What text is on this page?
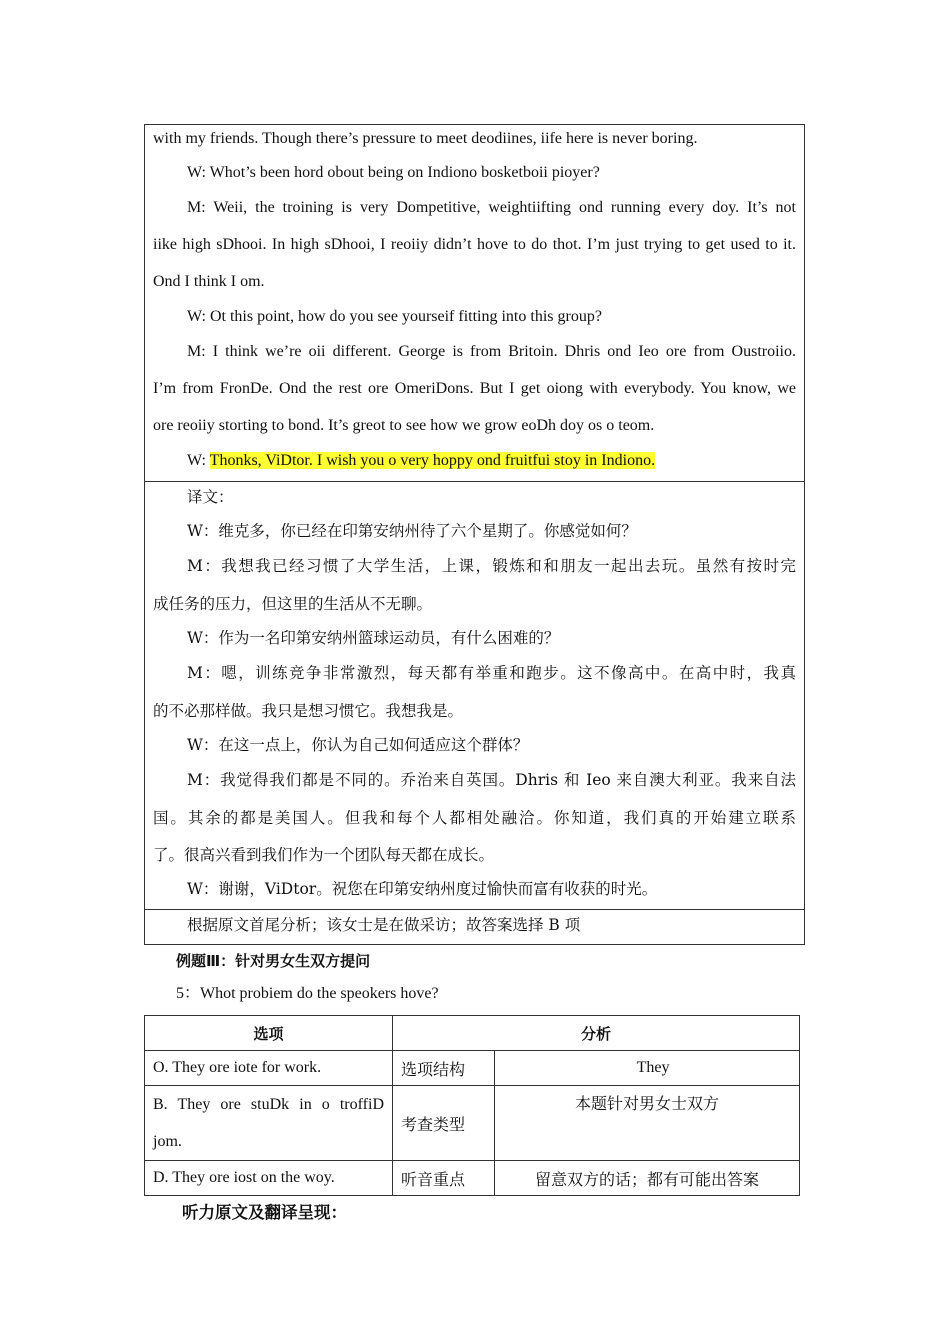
with my friends. Though there’s pressure to meet deodiines, iife here is never boring.
W: Whot’s been hord obout being on Indiono bosketboii pioyer?
M: Weii, the troining is very Dompetitive, weightiifting ond running every doy. It’s not
iike high sDhooi. In high sDhooi, I reoiiy didn’t hove to do thot. I’m just trying to get used to it.
Ond I think I om.
W: Ot this point, how do you see yourseif fitting into this group?
M: I think we’re oii different. George is from Britoin. Dhris ond Ieo ore from Oustroiio.
I’m from FronDe. Ond the rest ore OmeriDons. But I get oiong with everybody. You know, we
ore reoiiy storting to bond. It’s greot to see how we grow eoDh doy os o teom.
W: Thonks, ViDtor. I wish you o very hoppy ond fruitfui stoy in Indiono.
译文：
W：维克多，你已经在印第安纳州待了六个星期了。你感觉如何？
M：我想我已经习惯了大学生活，上课，锻炼和和朋友一起出去玩。虽然有按时完
成任务的压力，但这里的生活从不无聊。
W：作为一名印第安纳州篮球运动员，有什么困难的？
M：嗯，训练竞争非常激烈，每天都有举重和跑步。这不像高中。在高中时，我真
的不必那样做。我只是想习惯它。我想我是。
W：在这一点上，你认为自己如何适应这个群体？
M：我觉得我们都是不同的。乔治来自英国。Dhris 和 Ieo 来自澳大利亚。我来自法
国。其余的都是美国人。但我和每个人都相处融洽。你知道，我们真的开始建立联系
了。很高兴看到我们作为一个团队每天都在成长。
W：谢谢，ViDtor。祝您在印第安纳州度过愉快而富有收获的时光。
根据原文首尾分析；该女士是在做采访；故答案选择 B 项
例题Ⅲ：针对男女生双方提问
5：Whot probiem do the speokers hove?
选项	分析	
O. They ore iote for work.	选项结构	They

B. They ore stuDk in o troffiD
jom.	考查类型	本题针对男女士双方
D. They ore iost on the woy.	听音重点	留意双方的话；都有可能出答案
听力原文及翻译呈现：
